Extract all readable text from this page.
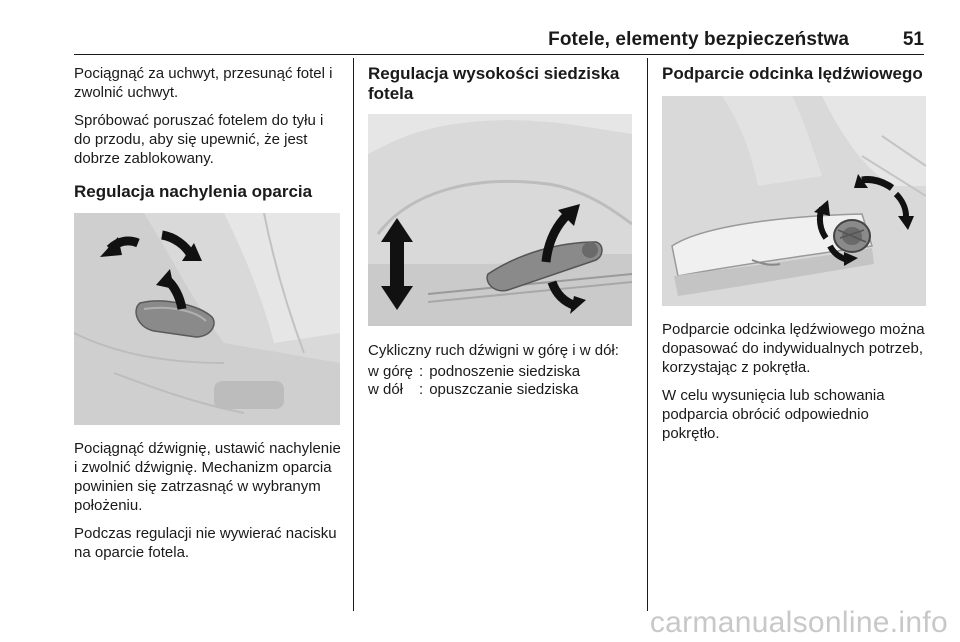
Fotele, elementy bezpieczeństwa	51

Pociągnąć za uchwyt, przesunąć fotel i zwolnić uchwyt.

Spróbować poruszać fotelem do tyłu i do przodu, aby się upewnić, że jest dobrze zablokowany.

Regulacja nachylenia oparcia

Pociągnąć dźwignię, ustawić nachylenie i zwolnić dźwignię. Mechanizm oparcia powinien się zatrzasnąć w wybranym położeniu.

Podczas regulacji nie wywierać nacisku na oparcie fotela.

Regulacja wysokości siedziska fotela

Cykliczny ruch dźwigni w górę i w dół:

w górę	:	podnoszenie siedziska
w dół	:	opuszczanie siedziska
Podparcie odcinka lędźwiowego

Podparcie odcinka lędźwiowego można dopasować do indywidualnych potrzeb, korzystając z pokrętła.

W celu wysunięcia lub schowania podparcia obrócić odpowiednio pokrętło.

carmanualsonline.info
